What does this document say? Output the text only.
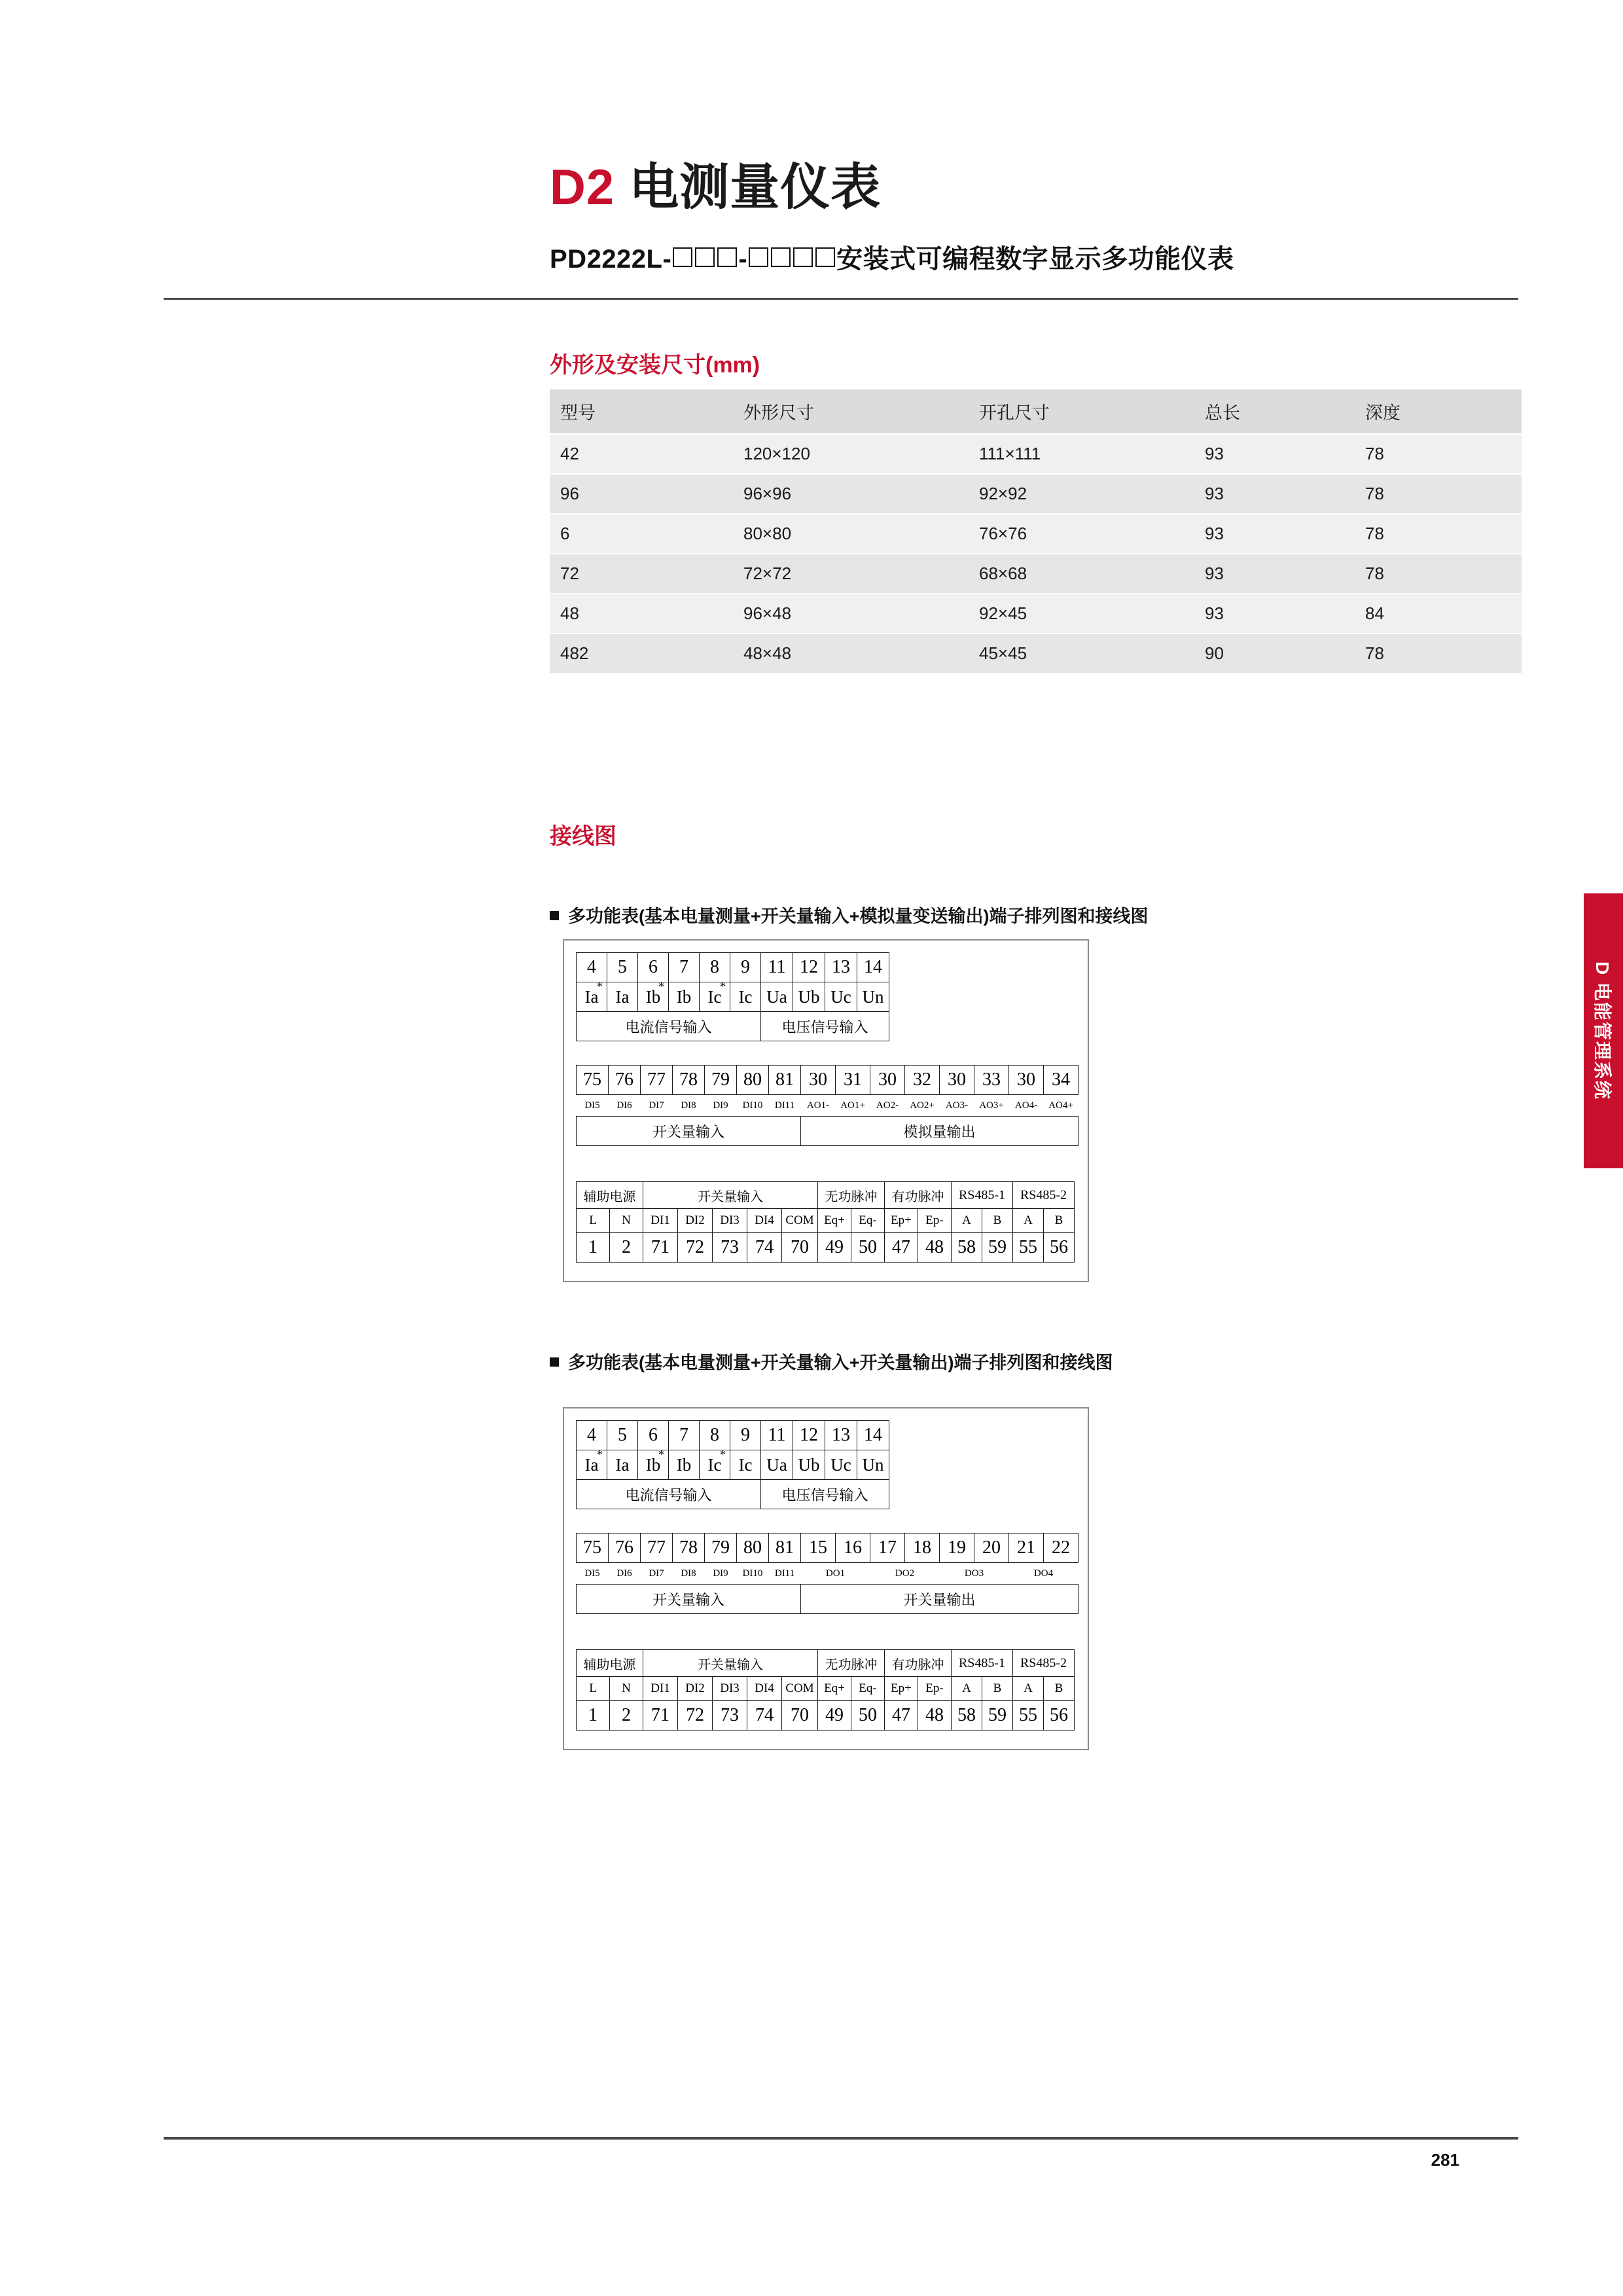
D2 电测量仪表
PD2222L-	-	安装式可编程数字显示多功能仪表
外形及安装尺寸(mm)
型号	外形尺寸	开孔尺寸	总长	深度
42	120×120	111×111	93	78
96	96×96	92×92	93	78
6	80×80	76×76	93	78
72	72×72	68×68	93	78
48	96×48	92×45	93	84
482	48×48	45×45	90	78
接线图
多功能表(基本电量测量+开关量输入+模拟量变送输出)端子排列图和接线图
4	5	6	7	8	9	11	12	13	14
Ia *	Ia	Ib *	Ib	Ic *	Ic	Ua	Ub	Uc	Un
电流信号输入						电压信号输入			
75	76	77	78	79	80	81	30	31	30	32	30	33	30	34
DI5	DI6	DI7	DI8	DI9	DI10	DI11	AO1-	AO1+	AO2-	AO2+	AO3-	AO3+	AO4-	AO4+
开关量输入							模拟量输出							
辅助电源		开关量输入					无功脉冲		有功脉冲		RS485-1		RS485-2	
L	N	DI1	DI2	DI3	DI4	COM	Eq+	Eq-	Ep+	Ep-	A	B	A	B
1	2	71	72	73	74	70	49	50	47	48	58	59	55	56
多功能表(基本电量测量+开关量输入+开关量输出)端子排列图和接线图
4	5	6	7	8	9	11	12	13	14
Ia *	Ia	Ib *	Ib	Ic *	Ic	Ua	Ub	Uc	Un
电流信号输入						电压信号输入			
75	76	77	78	79	80	81	15	16	17	18	19	20	21	22
DI5	DI6	DI7	DI8	DI9	DI10	DI11	DO1		DO2		DO3		DO4	
开关量输入							开关量输出							
辅助电源		开关量输入					无功脉冲		有功脉冲		RS485-1		RS485-2	
L	N	DI1	DI2	DI3	DI4	COM	Eq+	Eq-	Ep+	Ep-	A	B	A	B
1	2	71	72	73	74	70	49	50	47	48	58	59	55	56
D 电能管理系统
281
